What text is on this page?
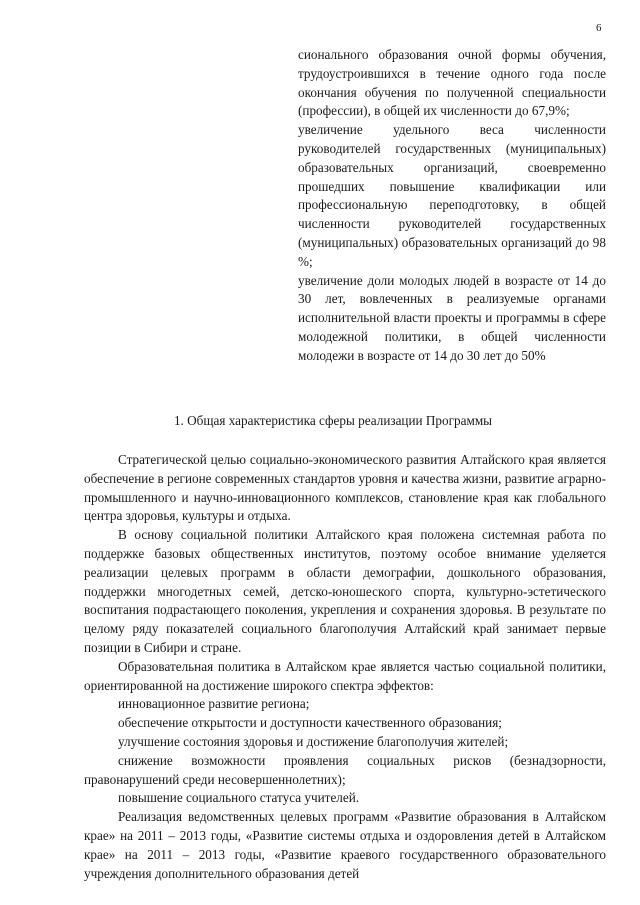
6

сионального образования очной формы обучения, трудоустроившихся в течение одного года после окончания обучения по полученной специальности (профессии), в общей их численности до 67,9%;

увеличение удельного веса численности руководителей государственных (муниципальных) образовательных организаций, своевременно прошедших повышение квалификации или профессиональную переподготовку, в общей численности руководителей государственных (муниципальных) образовательных организаций до 98 %;

увеличение доли молодых людей в возрасте от 14 до 30 лет, вовлеченных в реализуемые органами исполнительной власти проекты и программы в сфере молодежной политики, в общей численности молодежи в возрасте от 14 до 30 лет до 50%

1. Общая характеристика сферы реализации Программы

Стратегической целью социально-экономического развития Алтайского края является обеспечение в регионе современных стандартов уровня и качества жизни, развитие аграрно-промышленного и научно-инновационного комплексов, становление края как глобального центра здоровья, культуры и отдыха.

В основу социальной политики Алтайского края положена системная работа по поддержке базовых общественных институтов, поэтому особое внимание уделяется реализации целевых программ в области демографии, дошкольного образования, поддержки многодетных семей, детско-юношеского спорта, культурно-эстетического воспитания подрастающего поколения, укрепления и сохранения здоровья. В результате по целому ряду показателей социального благополучия Алтайский край занимает первые позиции в Сибири и стране.

Образовательная политика в Алтайском крае является частью социальной политики, ориентированной на достижение широкого спектра эффектов:

инновационное развитие региона;

обеспечение открытости и доступности качественного образования;

улучшение состояния здоровья и достижение благополучия жителей;

снижение возможности проявления социальных рисков (безнадзорности, правонарушений среди несовершеннолетних);

повышение социального статуса учителей.

Реализация ведомственных целевых программ «Развитие образования в Алтайском крае» на 2011 – 2013 годы, «Развитие системы отдыха и оздоровления детей в Алтайском крае» на 2011 – 2013 годы, «Развитие краевого государственного образовательного учреждения дополнительного образования детей
